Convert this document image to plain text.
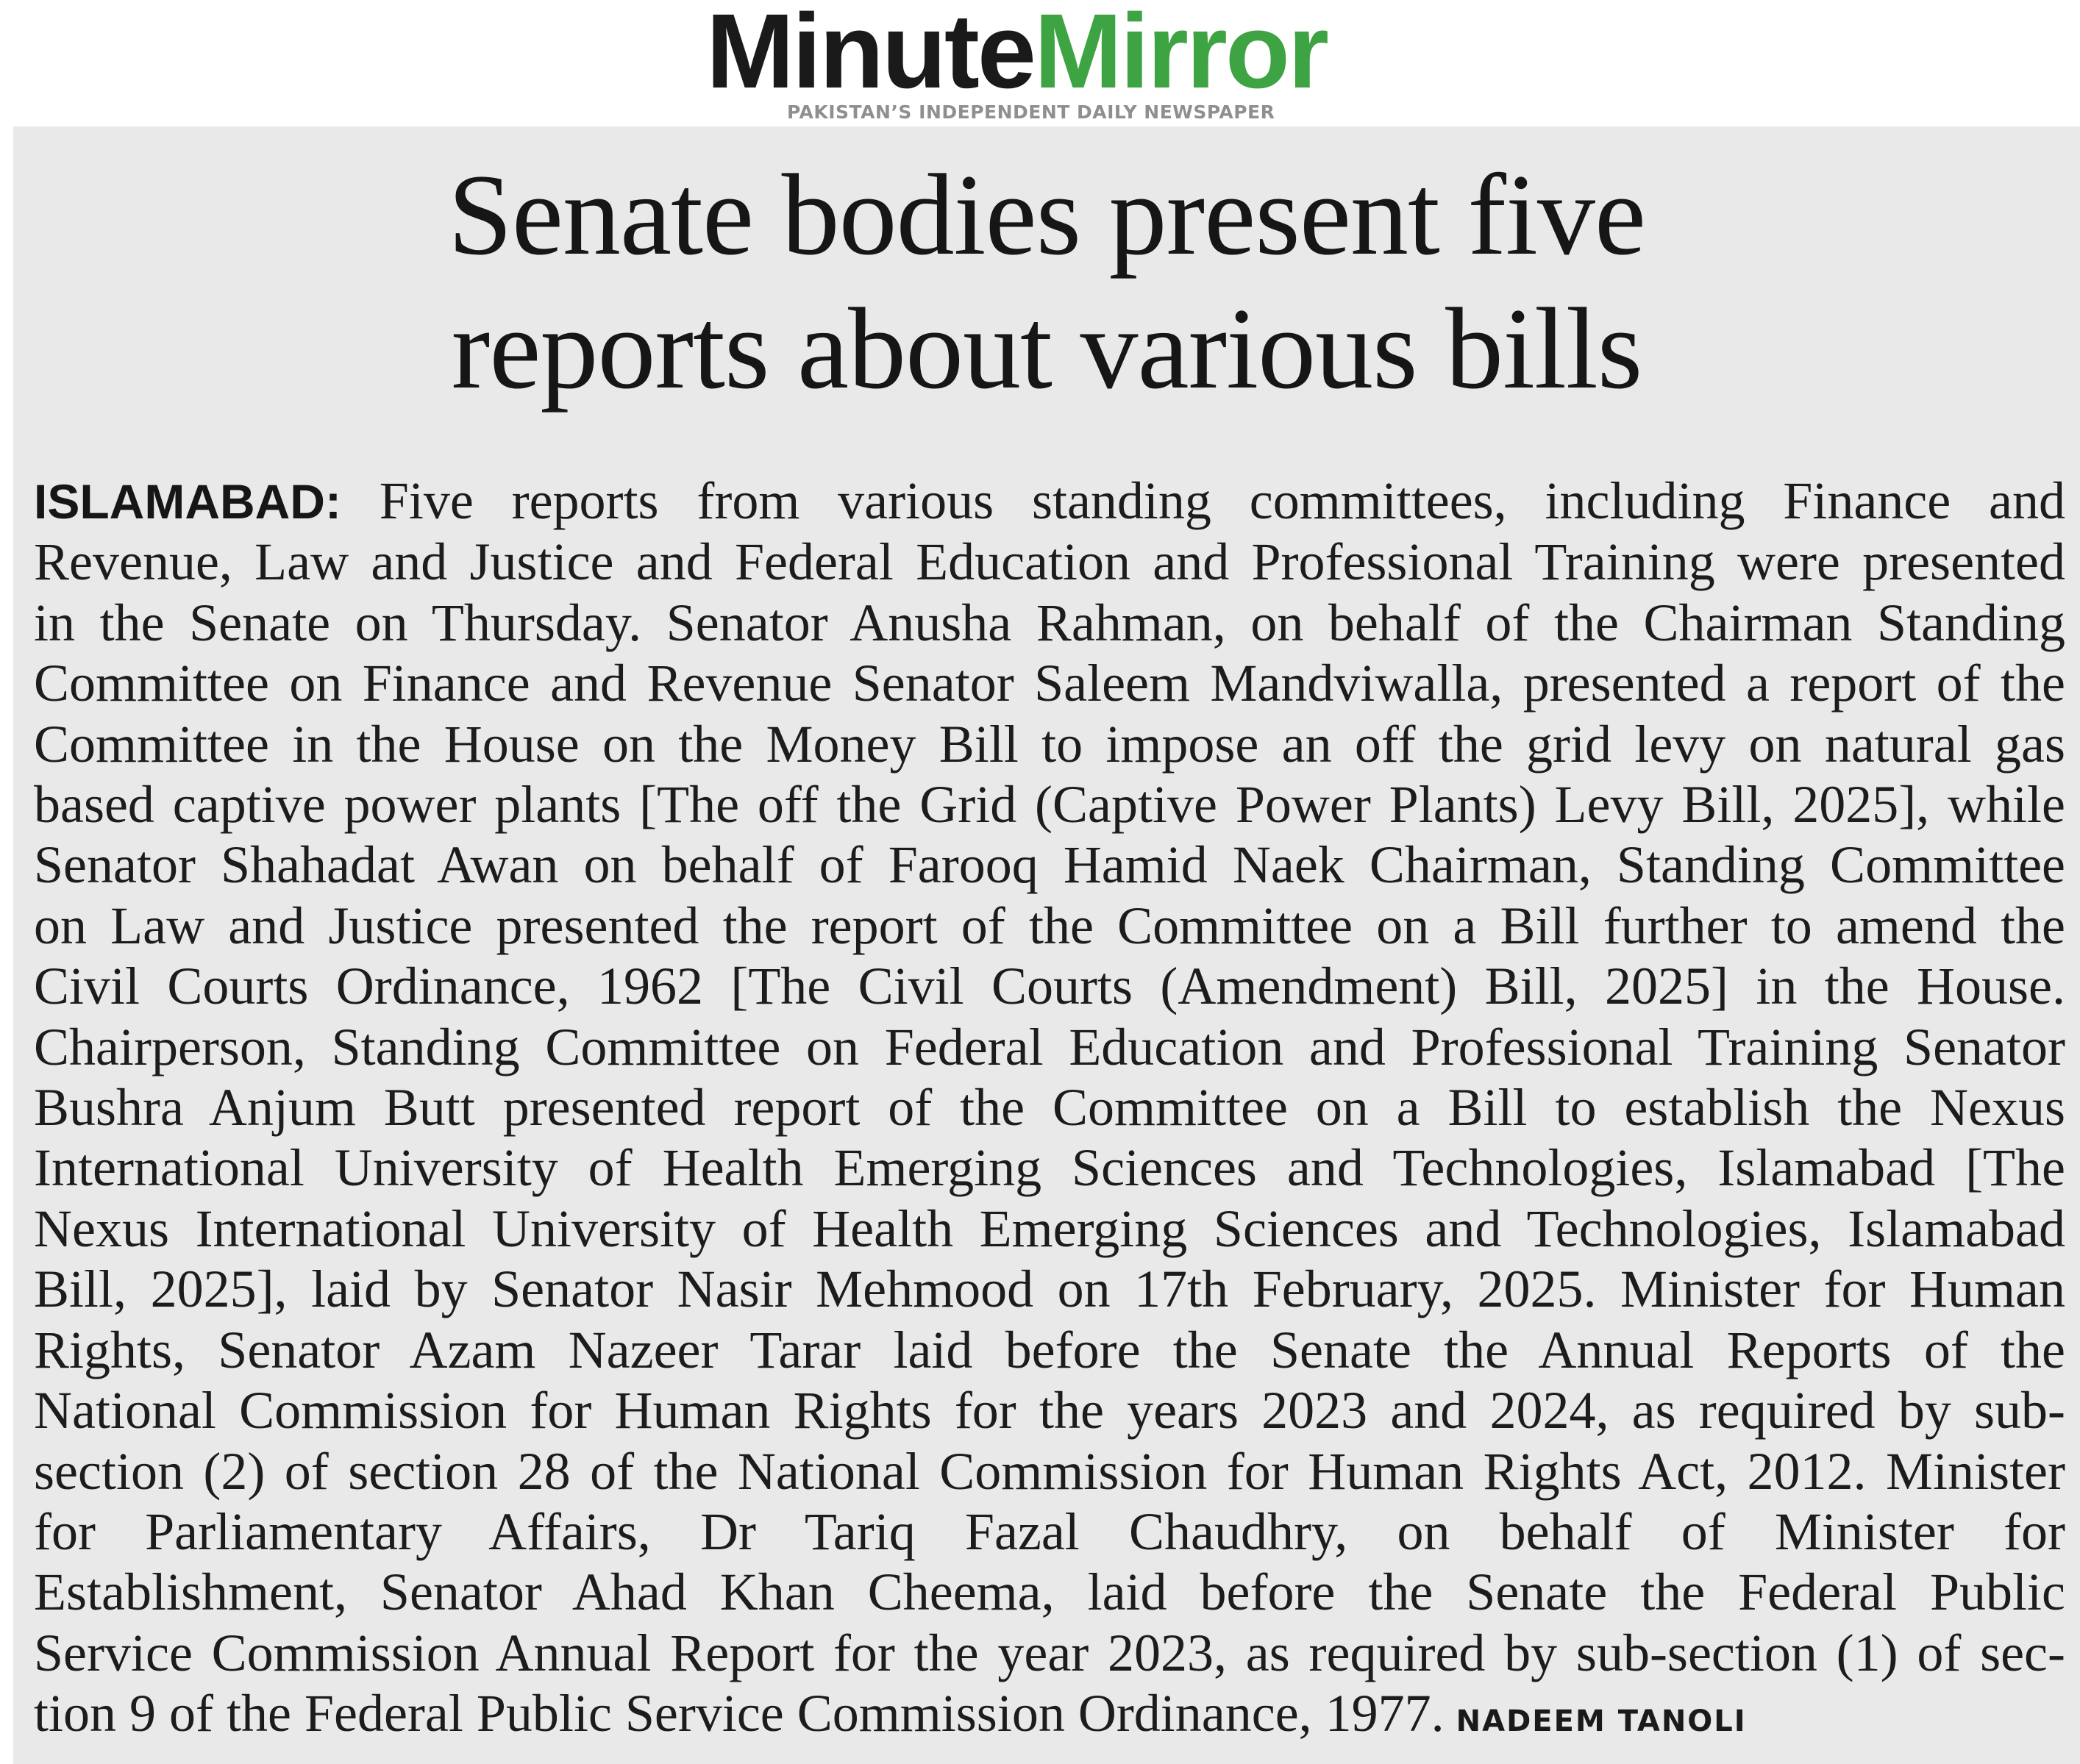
MinuteMirror
PAKISTAN’S INDEPENDENT DAILY NEWSPAPER
Senate bodies present five
reports about various bills
ISLAMABAD: Five reports from various standing committees, including Finance and
Revenue, Law and Justice and Federal Education and Professional Training were presented
in the Senate on Thursday. Senator Anusha Rahman, on behalf of the Chairman Standing
Committee on Finance and Revenue Senator Saleem Mandviwalla, presented a report of the
Committee in the House on the Money Bill to impose an off the grid levy on natural gas
based captive power plants [The off the Grid (Captive Power Plants) Levy Bill, 2025], while
Senator Shahadat Awan on behalf of Farooq Hamid Naek Chairman, Standing Committee
on Law and Justice presented the report of the Committee on a Bill further to amend the
Civil Courts Ordinance, 1962 [The Civil Courts (Amendment) Bill, 2025] in the House.
Chairperson, Standing Committee on Federal Education and Professional Training Senator
Bushra Anjum Butt presented report of the Committee on a Bill to establish the Nexus
International University of Health Emerging Sciences and Technologies, Islamabad [The
Nexus International University of Health Emerging Sciences and Technologies, Islamabad
Bill, 2025], laid by Senator Nasir Mehmood on 17th February, 2025. Minister for Human
Rights, Senator Azam Nazeer Tarar laid before the Senate the Annual Reports of the
National Commission for Human Rights for the years 2023 and 2024, as required by sub-
section (2) of section 28 of the National Commission for Human Rights Act, 2012. Minister
for Parliamentary Affairs, Dr Tariq Fazal Chaudhry, on behalf of Minister for
Establishment, Senator Ahad Khan Cheema, laid before the Senate the Federal Public
Service Commission Annual Report for the year 2023, as required by sub-section (1) of sec-
tion 9 of the Federal Public Service Commission Ordinance, 1977. NADEEM TANOLI
